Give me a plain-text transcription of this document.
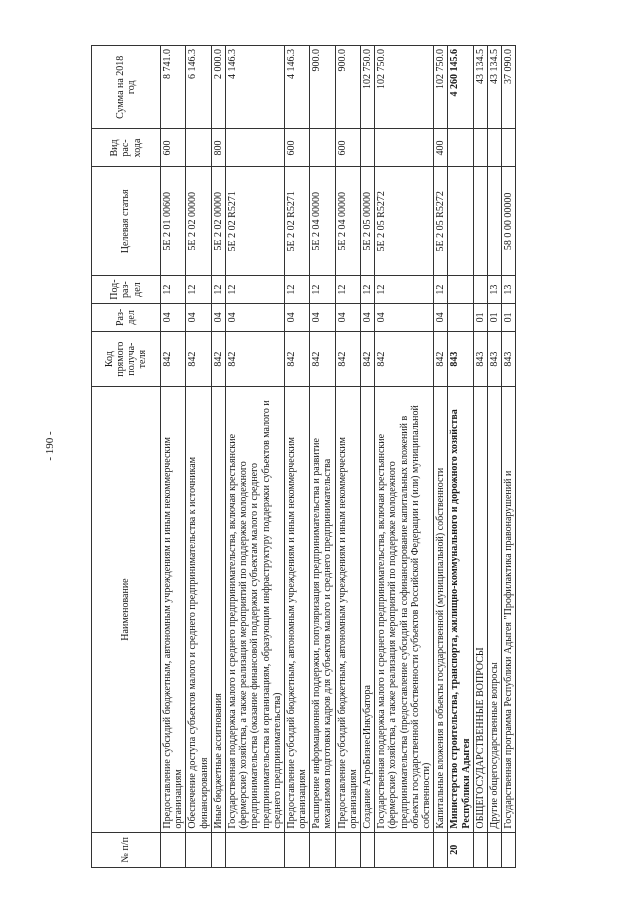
- 190 -
№ п/п	Наименование	Код прямого получа-теля	Раз-дел	Под-раз-дел	Целевая статья	Вид рас-хода	Сумма на 2018 год
	Предоставление субсидий бюджетным, автономным учреждениям и иным некоммерческим организациям	842	04	12	5E 2 01 00600	600	8 741.0
	Обеспечение доступа субъектов малого и среднего предпринимательства к источникам финансирования	842	04	12	5E 2 02 00000		6 146.3
	Иные бюджетные ассигнования	842	04	12	5E 2 02 00000	800	2 000.0
	Государственная поддержка малого и среднего предпринимательства, включая крестьянские (фермерские) хозяйства, а также реализация мероприятий по поддержке молодежного предпринимательства (оказание финансовой поддержки субъектам малого и среднего предпринимательства и организациям, образующим инфраструктуру поддержки субъектов малого и среднего предпринимательства)	842	04	12	5E 2 02 R5271		4 146.3
	Предоставление субсидий бюджетным, автономным учреждениям и иным некоммерческим организациям	842	04	12	5E 2 02 R5271	600	4 146.3
	Расширение информационной поддержки, популяризация предпринимательства и развитие механизмов подготовки кадров для субъектов малого и среднего предпринимательства	842	04	12	5E 2 04 00000		900.0
	Предоставление субсидий бюджетным, автономным учреждениям и иным некоммерческим организациям	842	04	12	5E 2 04 00000	600	900.0
	Создание АгроБизнесИнкубатора	842	04	12	5E 2 05 00000		102 750.0
	Государственная поддержка малого и среднего предпринимательства, включая крестьянские (фермерские) хозяйства, а также реализация мероприятий по поддержке молодежного предпринимательства (предоставление субсидий на софинансирование капитальных вложений в объекты государственной собственности субъектов Российской Федерации и (или) муниципальной собственности)	842	04	12	5E 2 05 R5272		102 750.0
	Капитальные вложения в объекты государственной (муниципальной) собственности	842	04	12	5E 2 05 R5272	400	102 750.0
20	Министерство строительства, транспорта, жилищно-коммунального и дорожного хозяйства Республики Адыгея	843					4 260 145.6
	ОБЩЕГОСУДАРСТВЕННЫЕ ВОПРОСЫ	843	01				43 134.5
	Другие общегосударственные вопросы	843	01	13			43 134.5
	Государственная программа Республики Адыгея "Профилактика правонарушений и	843	01	13	58 0 00 00000		37 090.0
